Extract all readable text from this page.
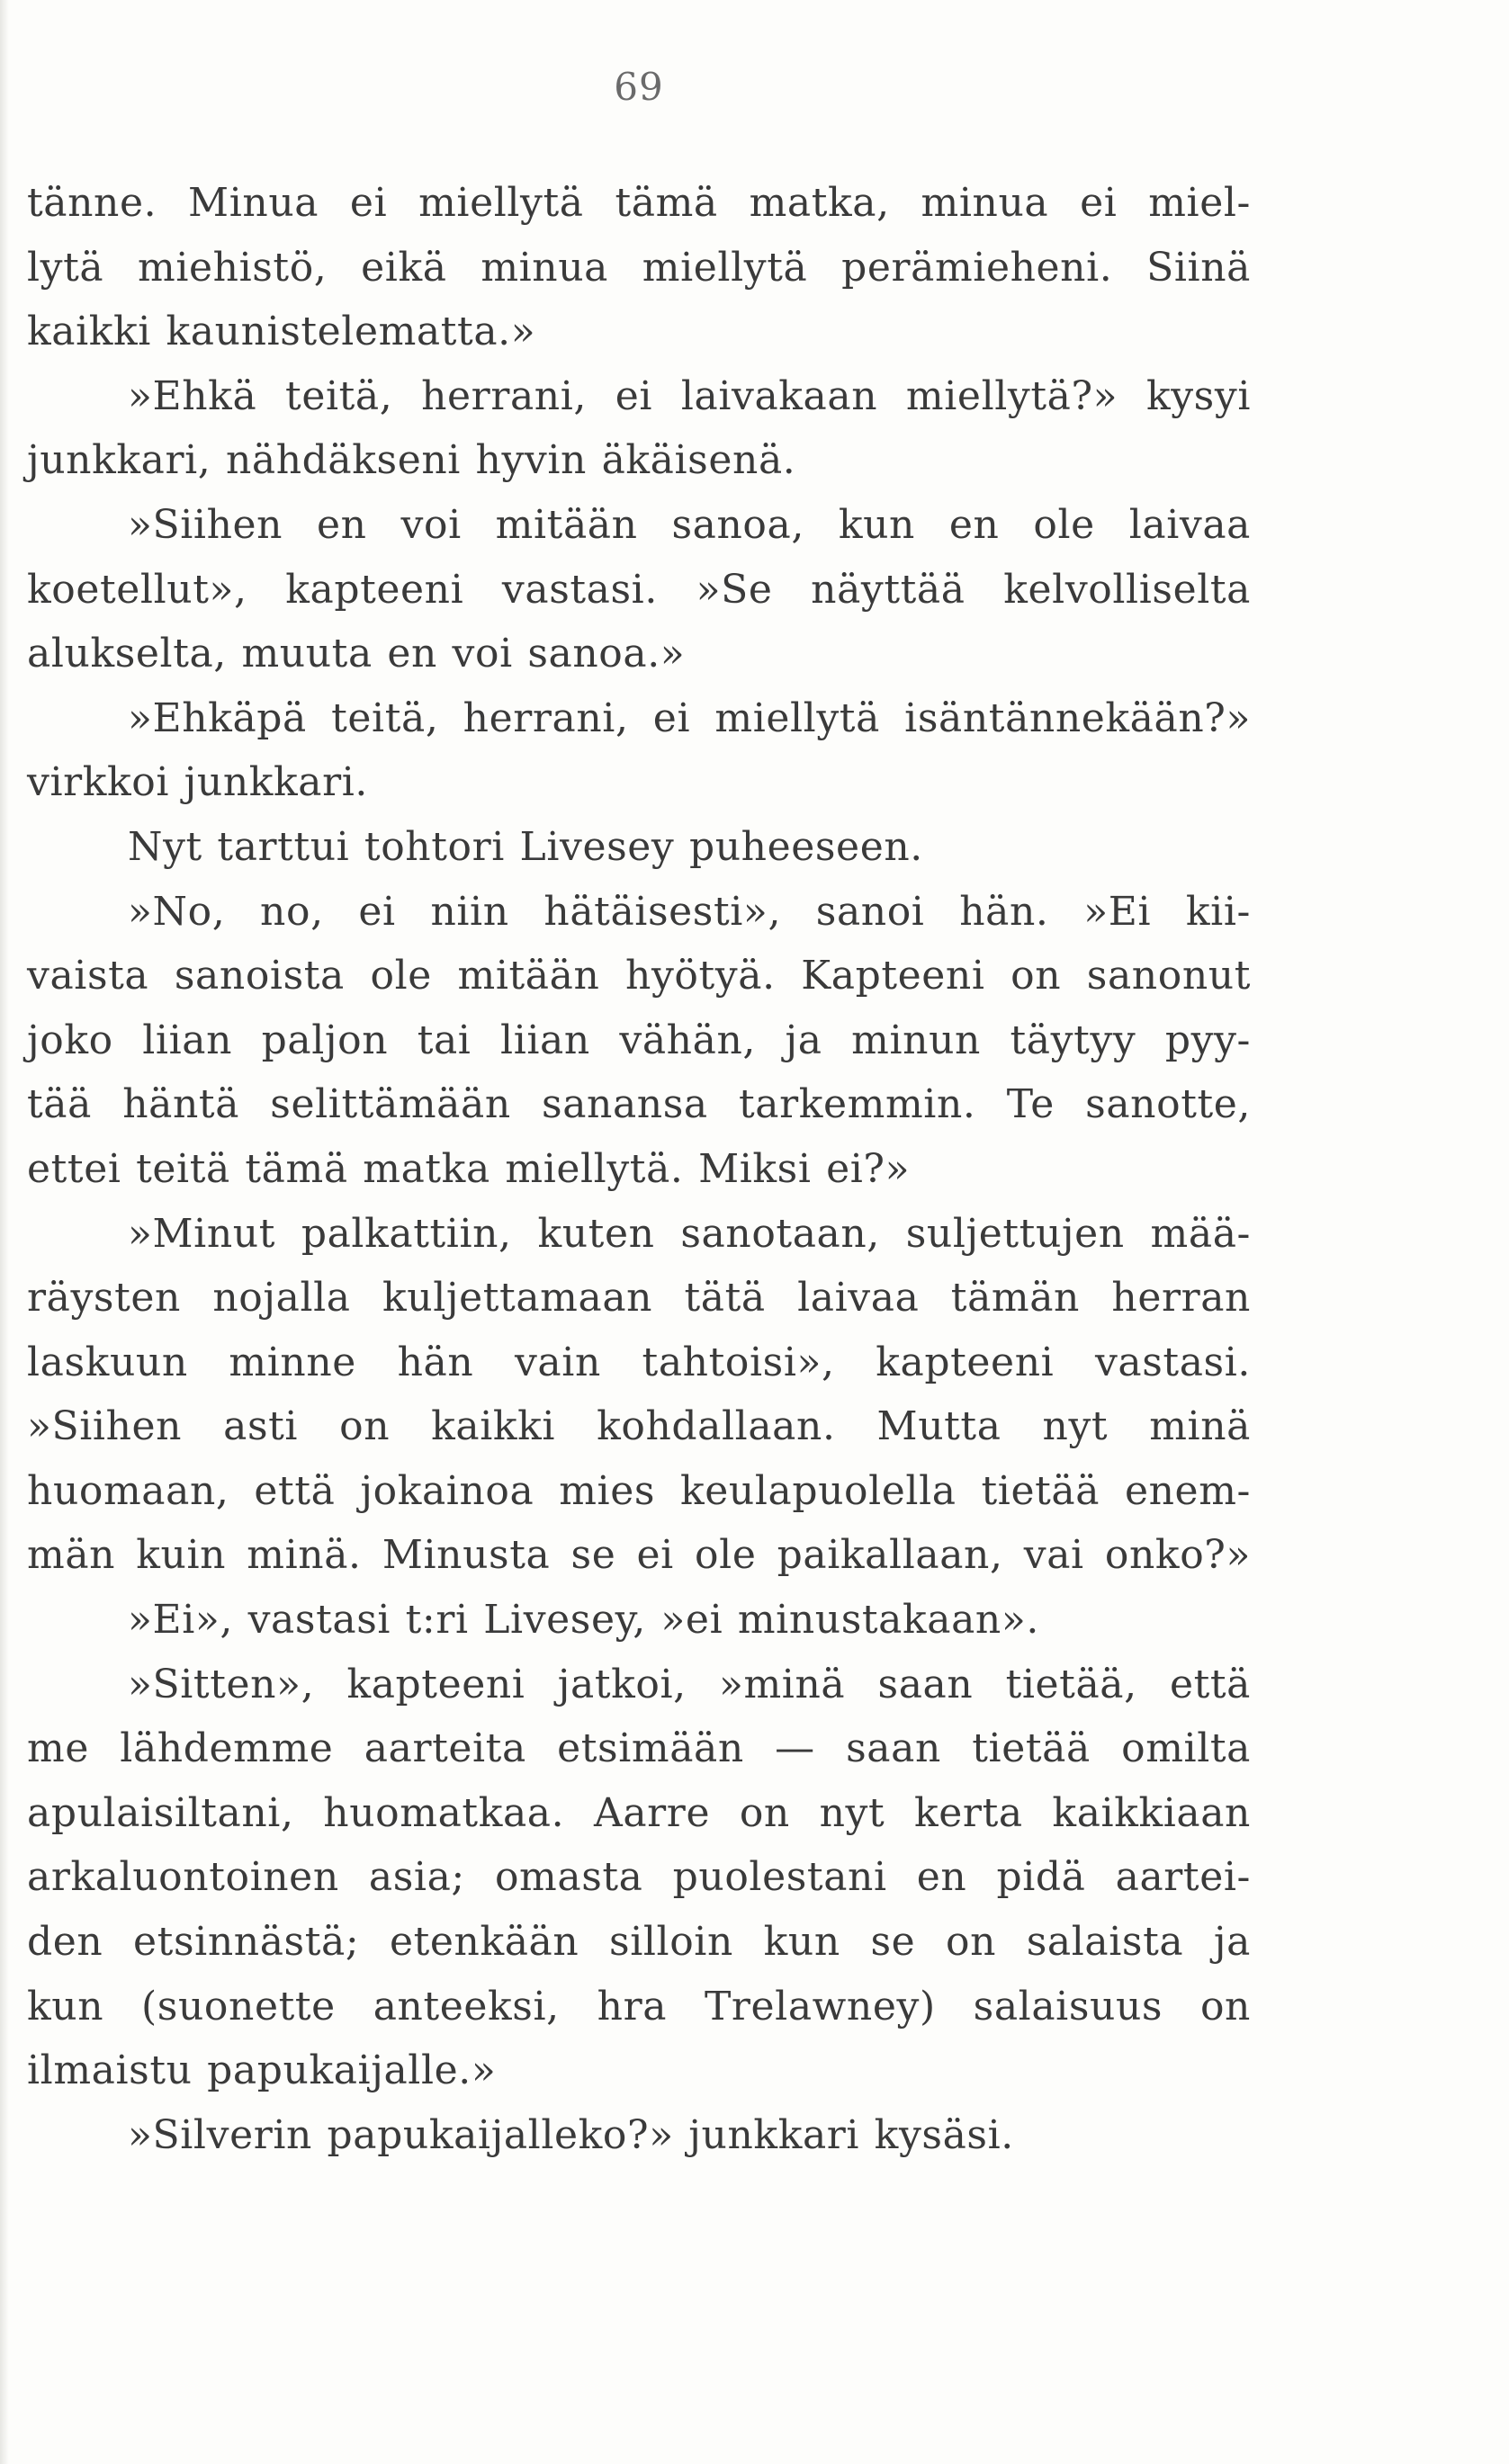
69
tänne. Minua ei miellytä tämä matka, minua ei miel-
lytä miehistö, eikä minua miellytä perämieheni. Siinä
kaikki kaunistelematta.»
»Ehkä teitä, herrani, ei laivakaan miellytä?» kysyi
junkkari, nähdäkseni hyvin äkäisenä.
»Siihen en voi mitään sanoa, kun en ole laivaa
koetellut», kapteeni vastasi. »Se näyttää kelvolliselta
alukselta, muuta en voi sanoa.»
»Ehkäpä teitä, herrani, ei miellytä isäntännekään?»
virkkoi junkkari.
Nyt tarttui tohtori Livesey puheeseen.
»No, no, ei niin hätäisesti», sanoi hän. »Ei kii-
vaista sanoista ole mitään hyötyä. Kapteeni on sanonut
joko liian paljon tai liian vähän, ja minun täytyy pyy-
tää häntä selittämään sanansa tarkemmin. Te sanotte,
ettei teitä tämä matka miellytä. Miksi ei?»
»Minut palkattiin, kuten sanotaan, suljettujen mää-
räysten nojalla kuljettamaan tätä laivaa tämän herran
laskuun minne hän vain tahtoisi», kapteeni vastasi.
»Siihen asti on kaikki kohdallaan. Mutta nyt minä
huomaan, että jokainoa mies keulapuolella tietää enem-
män kuin minä. Minusta se ei ole paikallaan, vai onko?»
»Ei», vastasi t:ri Livesey, »ei minustakaan».
»Sitten», kapteeni jatkoi, »minä saan tietää, että
me lähdemme aarteita etsimään — saan tietää omilta
apulaisiltani, huomatkaa. Aarre on nyt kerta kaikkiaan
arkaluontoinen asia; omasta puolestani en pidä aartei-
den etsinnästä; etenkään silloin kun se on salaista ja
kun (suonette anteeksi, hra Trelawney) salaisuus on
ilmaistu papukaijalle.»
»Silverin papukaijalleko?» junkkari kysäsi.
